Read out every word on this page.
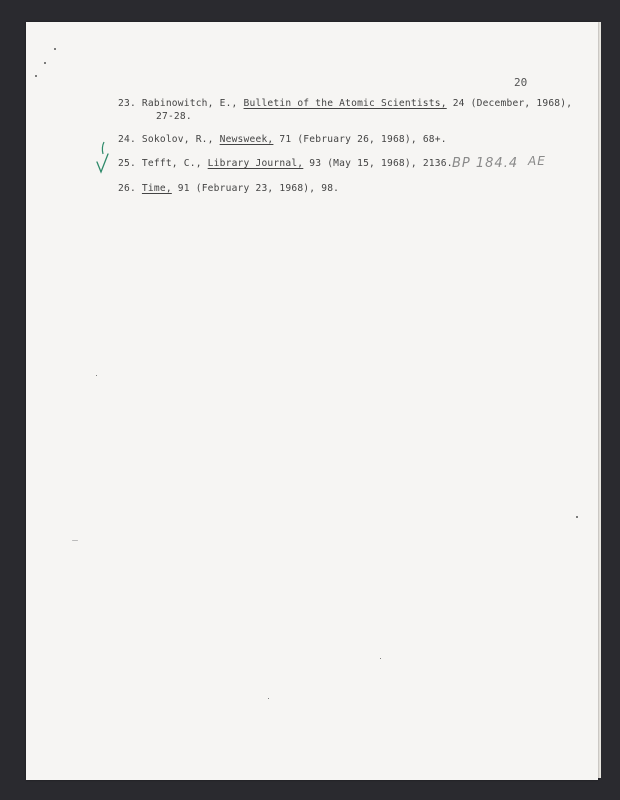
20
23. Rabinowitch, E., Bulletin of the Atomic Scientists, 24 (December, 1968),
27-28.
24. Sokolov, R., Newsweek, 71 (February 26, 1968), 68+.
25. Tefft, C., Library Journal, 93 (May 15, 1968), 2136.
26. Time, 91 (February 23, 1968), 98.
BP 184.4 AE
